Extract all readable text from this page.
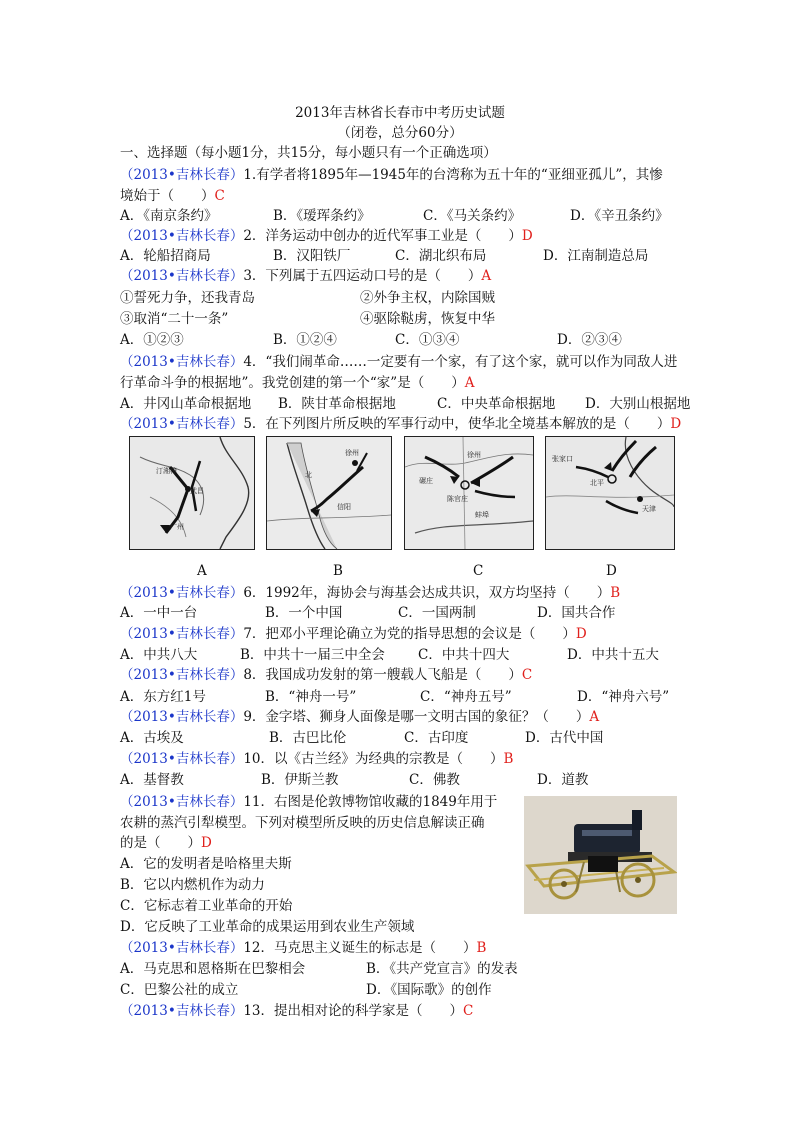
2013年吉林省长春市中考历史试题
（闭卷，总分60分）
一、选择题（每小题1分，共15分，每小题只有一个正确选项）
（2013•吉林长春）1.有学者将1895年—1945年的台湾称为五十年的“亚细亚孤儿”，其惨
境始于（　　）C
A．《南京条约》	B．《瑷珲条约》	C．《马关条约》	D．《辛丑条约》
（2013•吉林长春）2．洋务运动中创办的近代军事工业是（　　）D
A．轮船招商局	B．汉阳铁厂	C．湖北织布局	D．江南制造总局
（2013•吉林长春）3．下列属于五四运动口号的是（　　）A
①誓死力争，还我青岛	②外争主权，内除国贼
③取消“二十一条”	④驱除鞑虏，恢复中华
A．①②③	B．①②④	C．①③④	D．②③④
（2013•吉林长春）4．“我们闹革命……一定要有一个家，有了这个家，就可以作为同敌人进
行革命斗争的根据地”。我党创建的第一个“家”是（　　）A
A．井冈山革命根据地 B．陕甘革命根据地	C．中央革命根据地 D．大别山根据地
（2013•吉林长春）5．在下列图片所反映的军事行动中，使华北全境基本解放的是（　　）D
汀湘樟
武昌
广州
徐州
北
信阳
徐州
蚌埠
碾庄
陈官庄
北平
天津
张家口
A	B	C	D
（2013•吉林长春）6．1992年，海协会与海基会达成共识，双方均坚持（　　）B
A．一中一台	B．一个中国	C．一国两制	D．国共合作
（2013•吉林长春）7．把邓小平理论确立为党的指导思想的会议是（　　）D
A．中共八大	B．中共十一届三中全会 C．中共十四大	D．中共十五大
（2013•吉林长春）8．我国成功发射的第一艘载人飞船是（　　）C
A．东方红1号	B．“神舟一号”	C．“神舟五号”	D．“神舟六号”
（2013•吉林长春）9．金字塔、狮身人面像是哪一文明古国的象征？（　　）A
A．古埃及	B．古巴比伦	C．古印度	D．古代中国
（2013•吉林长春）10．以《古兰经》为经典的宗教是（　　）B
A．基督教	B．伊斯兰教	C．佛教	D．道教
（2013•吉林长春）11．右图是伦敦博物馆收藏的1849年用于
农耕的蒸汽引犁模型。下列对模型所反映的历史信息解读正确
的是（　　）D
A．它的发明者是哈格里夫斯
B．它以内燃机作为动力
C．它标志着工业革命的开始
D．它反映了工业革命的成果运用到农业生产领域
（2013•吉林长春）12．马克思主义诞生的标志是（　　）B
A．马克思和恩格斯在巴黎相会	B．《共产党宣言》的发表
C．巴黎公社的成立	D．《国际歌》的创作
（2013•吉林长春）13．提出相对论的科学家是（　　）C
